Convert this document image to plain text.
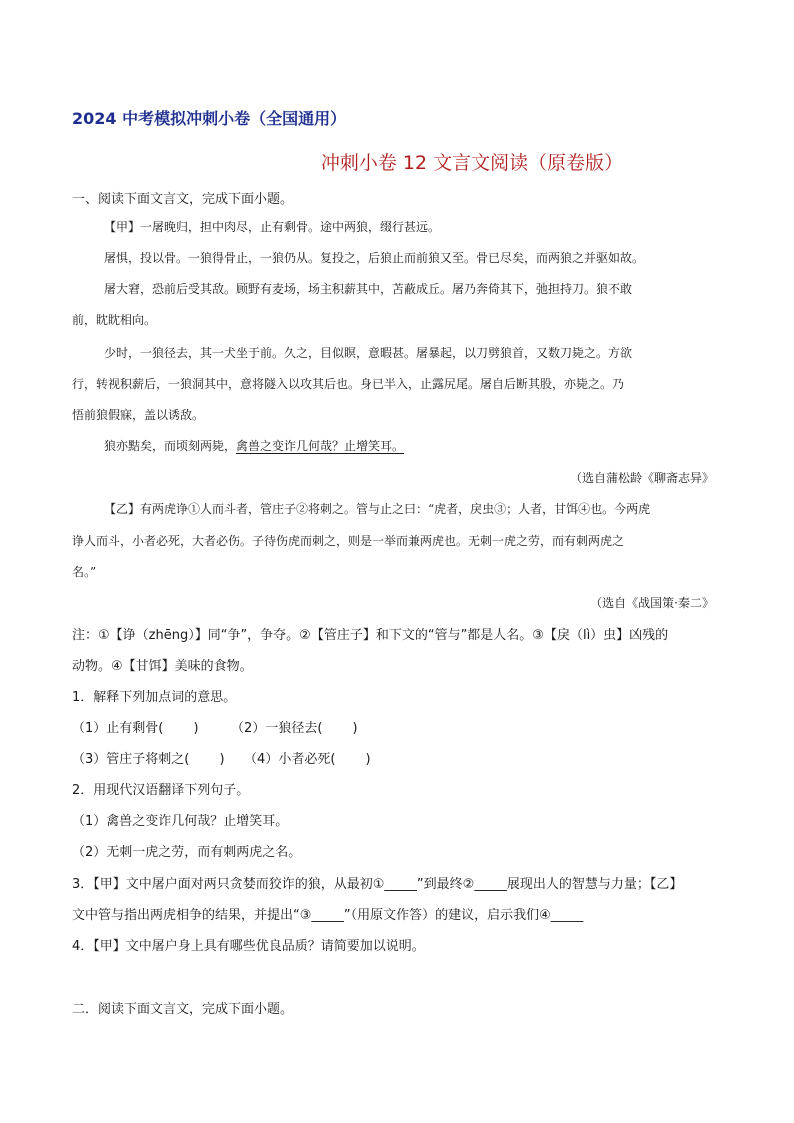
2024 中考模拟冲刺小卷（全国通用）
冲刺小卷 12 文言文阅读（原卷版）
一、阅读下面文言文，完成下面小题。
【甲】一屠晚归，担中肉尽，止有剩骨。途中两狼，缀行甚远。
屠惧，投以骨。一狼得骨止，一狼仍从。复投之，后狼止而前狼又至。骨已尽矣，而两狼之并驱如故。
屠大窘，恐前后受其敌。顾野有麦场，场主积薪其中，苫蔽成丘。屠乃奔倚其下，弛担持刀。狼不敢
前，眈眈相向。
少时，一狼径去，其一犬坐于前。久之，目似瞑，意暇甚。屠暴起，以刀劈狼首，又数刀毙之。方欲
行，转视积薪后，一狼洞其中，意将隧入以攻其后也。身已半入，止露尻尾。屠自后断其股，亦毙之。乃
悟前狼假寐，盖以诱敌。
狼亦黠矣，而顷刻两毙，禽兽之变诈几何哉？止增笑耳。
（选自蒲松龄《聊斋志异》
【乙】有两虎诤①人而斗者，管庄子②将刺之。管与止之曰：“虎者，戾虫③；人者，甘饵④也。今两虎
诤人而斗，小者必死，大者必伤。子待伤虎而刺之，则是一举而兼两虎也。无刺一虎之劳，而有刺两虎之
名。”
（选自《战国策·秦二》
注：①【诤（zhēng）】同“争”，争夺。②【管庄子】和下文的“管与”都是人名。③【戾（lì）虫】凶残的
动物。④【甘饵】美味的食物。
1．解释下列加点词的意思。
（1）止有剩骨(　　 )　　　（2）一狼径去(　　 )
（3）管庄子将刺之(　　 )　　（4）小者必死(　　 )
2．用现代汉语翻译下列句子。
（1）禽兽之变诈几何哉？止增笑耳。
（2）无刺一虎之劳，而有刺两虎之名。
3．【甲】文中屠户面对两只贪婪而狡诈的狼，从最初①_____”到最终②_____展现出人的智慧与力量；【乙】
文中管与指出两虎相争的结果，并提出“③_____”（用原文作答）的建议，启示我们④_____
4．【甲】文中屠户身上具有哪些优良品质？请简要加以说明。
二．阅读下面文言文，完成下面小题。
